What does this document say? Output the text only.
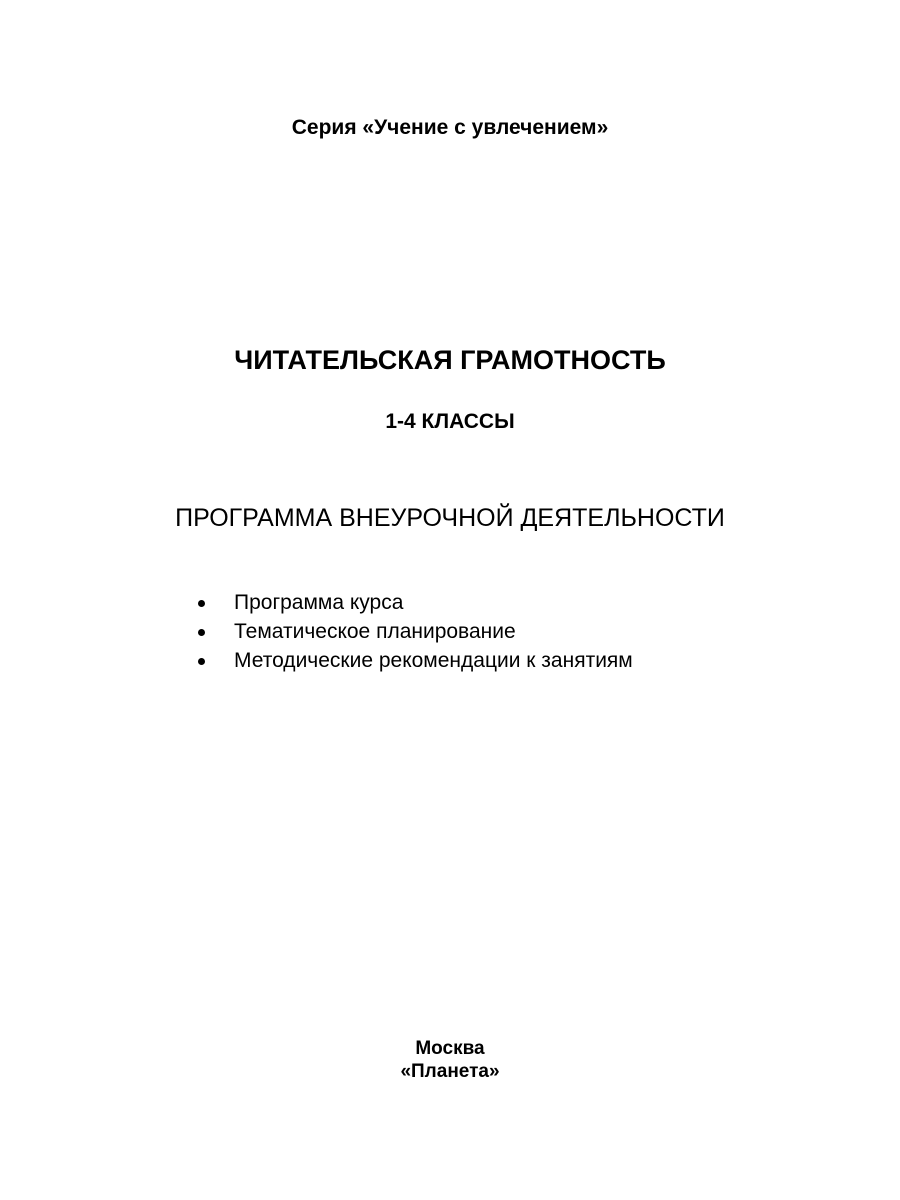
Серия «Учение с увлечением»
ЧИТАТЕЛЬСКАЯ ГРАМОТНОСТЬ
1-4 КЛАССЫ
ПРОГРАММА ВНЕУРОЧНОЙ ДЕЯТЕЛЬНОСТИ
Программа курса
Тематическое планирование
Методические рекомендации к занятиям
Москва
«Планета»
